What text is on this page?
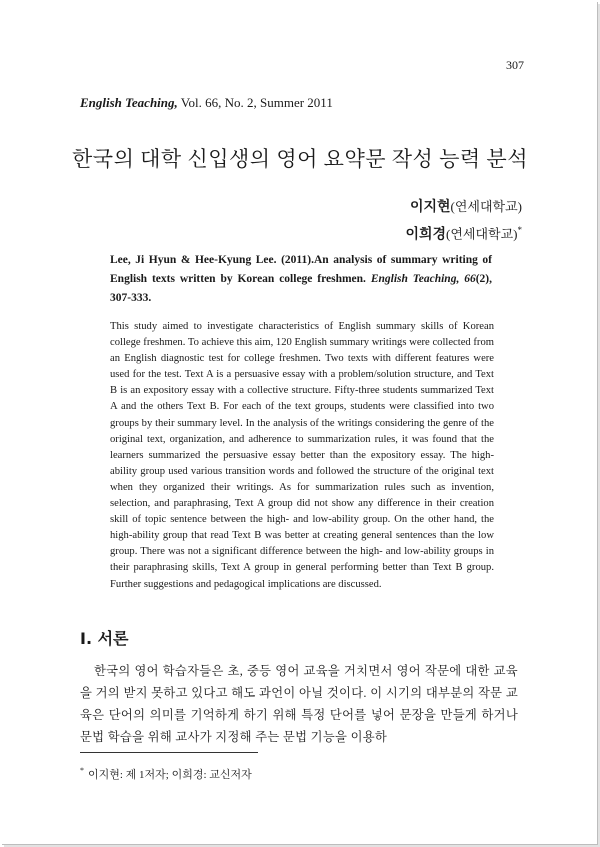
307
English Teaching, Vol. 66, No. 2, Summer 2011
한국의 대학 신입생의 영어 요약문 작성 능력 분석
이지현(연세대학교)
이희경(연세대학교)*
Lee, Ji Hyun & Hee-Kyung Lee. (2011).An analysis of summary writing of English texts written by Korean college freshmen. English Teaching, 66(2), 307-333.

This study aimed to investigate characteristics of English summary skills of Korean college freshmen. To achieve this aim, 120 English summary writings were collected from an English diagnostic test for college freshmen. Two texts with different features were used for the test. Text A is a persuasive essay with a problem/solution structure, and Text B is an expository essay with a collective structure. Fifty-three students summarized Text A and the others Text B. For each of the text groups, students were classified into two groups by their summary level. In the analysis of the writings considering the genre of the original text, organization, and adherence to summarization rules, it was found that the learners summarized the persuasive essay better than the expository essay. The high-ability group used various transition words and followed the structure of the original text when they organized their writings. As for summarization rules such as invention, selection, and paraphrasing, Text A group did not show any difference in their creation skill of topic sentence between the high- and low-ability group. On the other hand, the high-ability group that read Text B was better at creating general sentences than the low group. There was not a significant difference between the high- and low-ability groups in their paraphrasing skills, Text A group in general performing better than Text B group. Further suggestions and pedagogical implications are discussed.

I. 서론

한국의 영어 학습자들은 초, 중등 영어 교육을 거치면서 영어 작문에 대한 교육을 거의 받지 못하고 있다고 해도 과언이 아닐 것이다. 이 시기의 대부분의 작문 교육은 단어의 의미를 기억하게 하기 위해 특정 단어를 넣어 문장을 만들게 하거나 문법 학습을 위해 교사가 지정해 주는 문법 기능을 이용하

* 이지현: 제 1저자; 이희경: 교신저자
